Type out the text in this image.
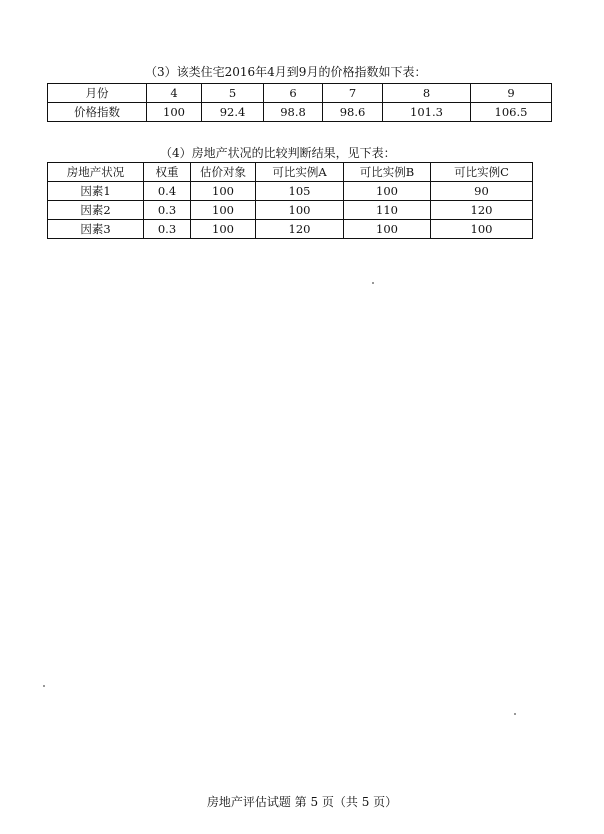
（3）该类住宅2016年4月到9月的价格指数如下表：
月份	4	5	6	7	8	9
价格指数	100	92.4	98.8	98.6	101.3	106.5
（4）房地产状况的比较判断结果，见下表：
房地产状况	权重	估价对象	可比实例A	可比实例B	可比实例C
因素1	0.4	100	105	100	90
因素2	0.3	100	100	110	120
因素3	0.3	100	120	100	100
房地产评估试题 第 5 页（共 5 页）
